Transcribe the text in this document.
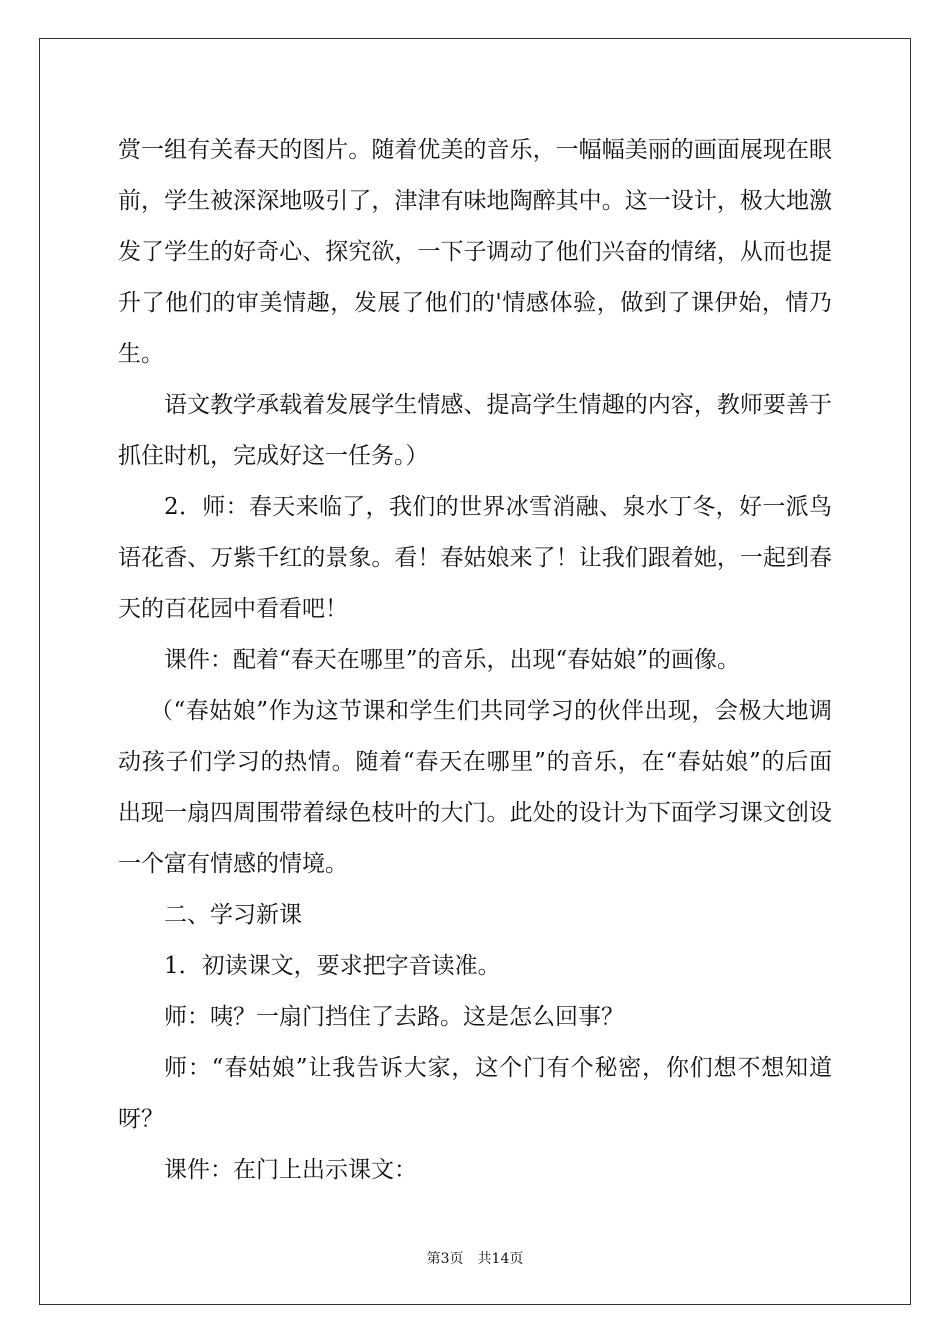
赏一组有关春天的图片。随着优美的音乐，一幅幅美丽的画面展现在眼前，学生被深深地吸引了，津津有味地陶醉其中。这一设计，极大地激发了学生的好奇心、探究欲，一下子调动了他们兴奋的情绪，从而也提升了他们的审美情趣，发展了他们的'情感体验，做到了课伊始，情乃生。

语文教学承载着发展学生情感、提高学生情趣的内容，教师要善于抓住时机，完成好这一任务。）

2．师：春天来临了，我们的世界冰雪消融、泉水丁冬，好一派鸟语花香、万紫千红的景象。看！春姑娘来了！让我们跟着她，一起到春天的百花园中看看吧！

课件：配着“春天在哪里”的音乐，出现“春姑娘”的画像。

（“春姑娘”作为这节课和学生们共同学习的伙伴出现，会极大地调动孩子们学习的热情。随着“春天在哪里”的音乐，在“春姑娘”的后面出现一扇四周围带着绿色枝叶的大门。此处的设计为下面学习课文创设一个富有情感的情境。

二、学习新课

1．初读课文，要求把字音读准。

师：咦？一扇门挡住了去路。这是怎么回事？

师：“春姑娘”让我告诉大家，这个门有个秘密，你们想不想知道呀？

课件：在门上出示课文：

第3页 共14页
